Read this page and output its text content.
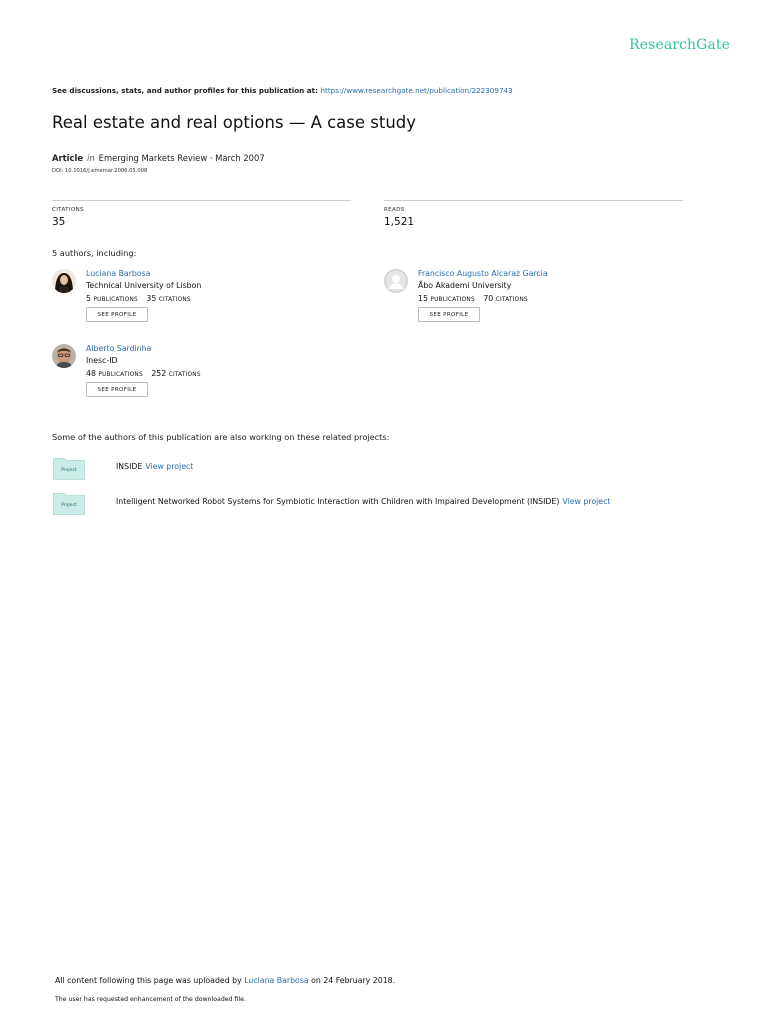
ResearchGate
See discussions, stats, and author profiles for this publication at: https://www.researchgate.net/publication/222309743
Real estate and real options — A case study
Article in Emerging Markets Review · March 2007
DOI: 10.1016/j.ememar.2006.05.008
CITATIONS
35
READS
1,521
5 authors, including:
Luciana Barbosa
Technical University of Lisbon
5 PUBLICATIONS 35 CITATIONS
SEE PROFILE
Francisco Augusto Alcaraz Garcia
Åbo Akademi University
15 PUBLICATIONS 70 CITATIONS
SEE PROFILE
Alberto Sardinha
Inesc-ID
48 PUBLICATIONS 252 CITATIONS
SEE PROFILE
Some of the authors of this publication are also working on these related projects:
Project	INSIDE View project
Project	Intelligent Networked Robot Systems for Symbiotic Interaction with Children with Impaired Development (INSIDE) View project
All content following this page was uploaded by Luciana Barbosa on 24 February 2018.
The user has requested enhancement of the downloaded file.
